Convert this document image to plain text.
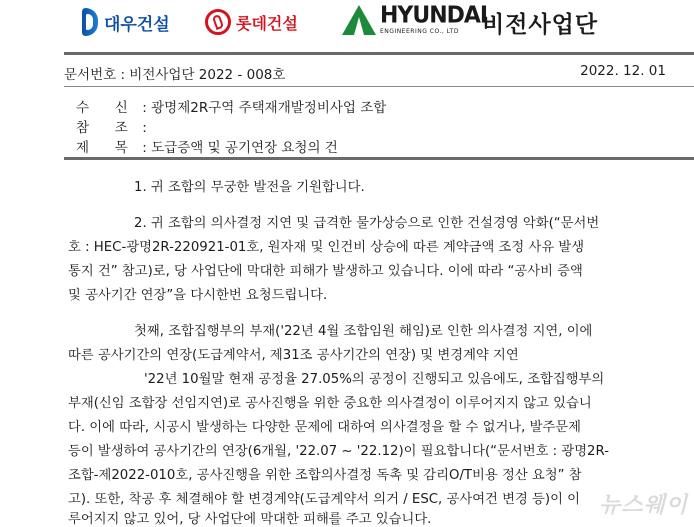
대우건설	롯데건설	HYUNDAI
ENGINEERING CO., LTD	비전사업단
문서번호 : 비전사업단 2022 - 008호	2022. 12. 01
수      신 : 광명제2R구역 주택재개발정비사업 조합
참      조 :
제      목 : 도급증액 및 공기연장 요청의 건
1. 귀 조합의 무궁한 발전을 기원합니다.
2. 귀 조합의 의사결정 지연 및 급격한 물가상승으로 인한 건설경영 악화(“문서번
호 : HEC-광명2R-220921-01호, 원자재 및 인건비 상승에 따른 계약금액 조정 사유 발생
통지 건” 참고)로, 당 사업단에 막대한 피해가 발생하고 있습니다. 이에 따라 “공사비 증액
및 공사기간 연장”을 다시한번 요청드립니다.
첫째, 조합집행부의 부재('22년 4월 조합임원 해임)로 인한 의사결정 지연, 이에
따른 공사기간의 연장(도급계약서, 제31조 공사기간의 연장) 및 변경계약 지연
'22년 10월말 현재 공정율 27.05%의 공정이 진행되고 있음에도, 조합집행부의
부재(신임 조합장 선임지연)로 공사진행을 위한 중요한 의사결정이 이루어지지 않고 있습니
다. 이에 따라, 시공시 발생하는 다양한 문제에 대하여 의사결정을 할 수 없거나, 발주문제
등이 발생하여 공사기간의 연장(6개월, '22.07 ~ '22.12)이 필요합니다(“문서번호 : 광명2R-
조합-제2022-010호, 공사진행을 위한 조합의사결정 독촉 및 감리O/T비용 정산 요청” 참
고). 또한, 착공 후 체결해야 할 변경계약(도급계약서 의거 / ESC, 공사여건 변경 등)이 이
루어지지 않고 있어, 당 사업단에 막대한 피해를 주고 있습니다.
뉴스웨이
